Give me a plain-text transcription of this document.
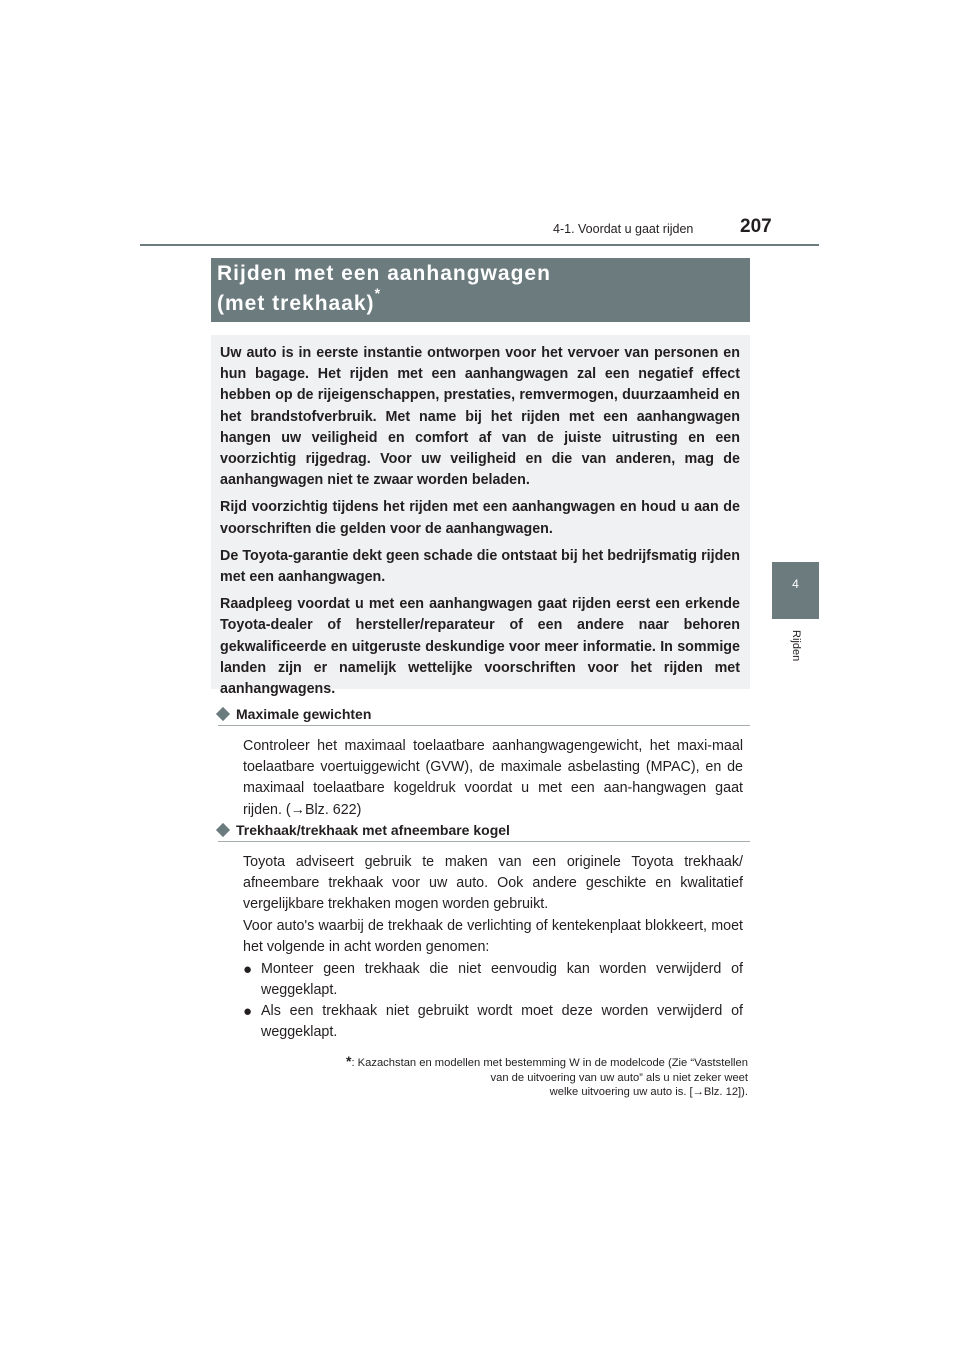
4-1. Voordat u gaat rijden 207
4
Rijden
Rijden met een aanhangwagen
(met trekhaak)*

Uw auto is in eerste instantie ontworpen voor het vervoer van personen en hun bagage. Het rijden met een aanhangwagen zal een negatief effect hebben op de rijeigenschappen, prestaties, remvermogen, duurzaamheid en het brandstofverbruik. Met name bij het rijden met een aanhangwagen hangen uw veiligheid en comfort af van de juiste uitrusting en een voorzichtig rijgedrag. Voor uw veiligheid en die van anderen, mag de aanhangwagen niet te zwaar worden beladen.

Rijd voorzichtig tijdens het rijden met een aanhangwagen en houd u aan de voorschriften die gelden voor de aanhangwagen.

De Toyota-garantie dekt geen schade die ontstaat bij het bedrijfsmatig rijden met een aanhangwagen.

Raadpleeg voordat u met een aanhangwagen gaat rijden eerst een erkende Toyota-dealer of hersteller/reparateur of een andere naar behoren gekwalificeerde en uitgeruste deskundige voor meer informatie. In sommige landen zijn er namelijk wettelijke voorschriften voor het rijden met aanhangwagens.

Maximale gewichten

Controleer het maximaal toelaatbare aanhangwagengewicht, het maxi-maal toelaatbare voertuiggewicht (GVW), de maximale asbelasting (MPAC), en de maximaal toelaatbare kogeldruk voordat u met een aan-hangwagen gaat rijden. (→Blz. 622)

Trekhaak/trekhaak met afneembare kogel

Toyota adviseert gebruik te maken van een originele Toyota trekhaak/ afneembare trekhaak voor uw auto. Ook andere geschikte en kwalitatief vergelijkbare trekhaken mogen worden gebruikt.

Voor auto's waarbij de trekhaak de verlichting of kentekenplaat blokkeert, moet het volgende in acht worden genomen:

● Monteer geen trekhaak die niet eenvoudig kan worden verwijderd of weggeklapt.
● Als een trekhaak niet gebruikt wordt moet deze worden verwijderd of weggeklapt.
*: Kazachstan en modellen met bestemming W in de modelcode (Zie “Vaststellen
van de uitvoering van uw auto” als u niet zeker weet
welke uitvoering uw auto is. [→Blz. 12]).
